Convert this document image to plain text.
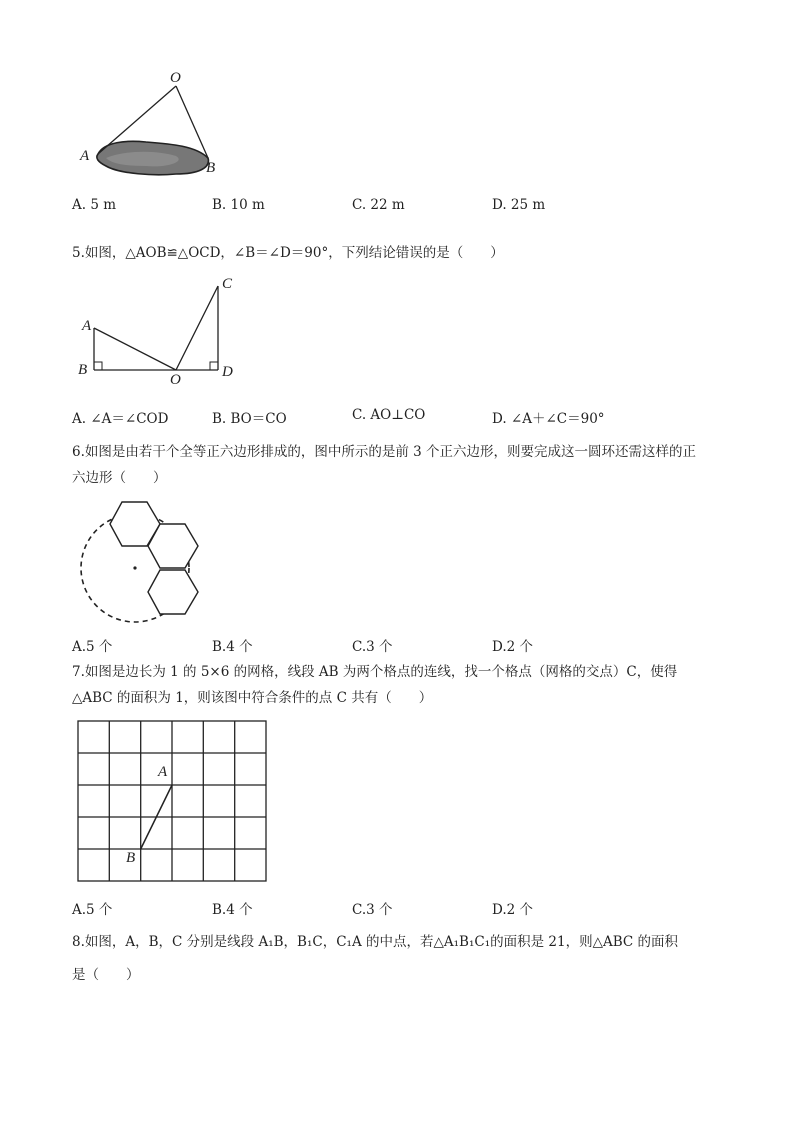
O
A
B
A. 5 m	B. 10 m	C. 22 m	D. 25 m
5.如图，△AOB≌△OCD，∠B＝∠D＝90°，下列结论错误的是（　　）
A
B
O
C
D
A. ∠A＝∠COD	B. BO＝CO	C. AO⊥CO	D. ∠A＋∠C＝90°
6.如图是由若干个全等正六边形排成的，图中所示的是前 3 个正六边形，则要完成这一圆环还需这样的正
六边形（　　）
A.5 个	B.4 个	C.3 个	D.2 个
7.如图是边长为 1 的 5×6 的网格，线段 AB 为两个格点的连线，找一个格点（网格的交点）C，使得
△ABC 的面积为 1，则该图中符合条件的点 C 共有（　　）
A
B
A.5 个	B.4 个	C.3 个	D.2 个
8.如图，A，B，C 分别是线段 A₁B，B₁C，C₁A 的中点，若△A₁B₁C₁的面积是 21，则△ABC 的面积
是（　　）
